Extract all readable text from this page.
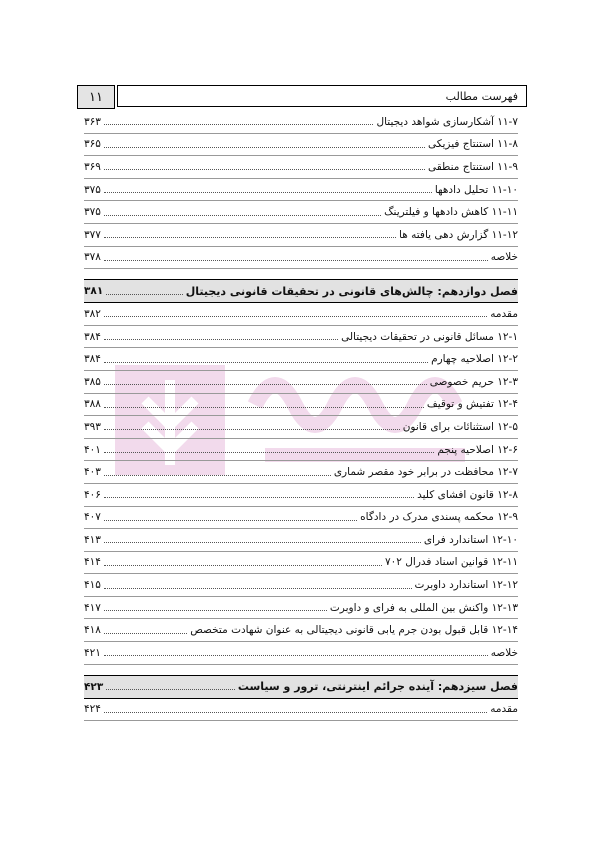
فهرست مطالب
۱۱
۱۱-۷ آشکارسازی شواهد دیجیتال
۳۶۳
۱۱-۸ استنتاج فیزیکی
۳۶۵
۱۱-۹ استنتاج منطقی
۳۶۹
۱۱-۱۰ تحلیل دادهها
۳۷۵
۱۱-۱۱ کاهش دادهها و فیلترینگ
۳۷۵
۱۱-۱۲ گزارش دهی یافته ها
۳۷۷
خلاصه
۳۷۸
فصل دوازدهم: چالش‌های قانونی در تحقیقات قانونی دیجیتال
۳۸۱
مقدمه
۳۸۲
۱۲-۱ مسائل قانونی در تحقیقات دیجیتالی
۳۸۴
۱۲-۲ اصلاحیه چهارم
۳۸۴
۱۲-۳ حریم خصوصی
۳۸۵
۱۲-۴ تفتیش و توقیف
۳۸۸
۱۲-۵ استثنائات برای قانون
۳۹۳
۱۲-۶ اصلاحیه پنجم
۴۰۱
۱۲-۷ محافظت در برابر خود مقصر شماری
۴۰۳
۱۲-۸ قانون افشای کلید
۴۰۶
۱۲-۹ محکمه پسندی مدرک در دادگاه
۴۰۷
۱۲-۱۰ استاندارد فرای
۴۱۳
۱۲-۱۱ قوانین اسناد فدرال ۷۰۲
۴۱۴
۱۲-۱۲ استاندارد داوبرت
۴۱۵
۱۲-۱۳ واکنش بین المللی به فرای و داوبرت
۴۱۷
۱۲-۱۴ قابل قبول بودن جرم یابی قانونی دیجیتالی به عنوان شهادت متخصص
۴۱۸
خلاصه
۴۲۱
فصل سیزدهم: آینده جرائم اینترنتی، ترور و سیاست
۴۲۳
مقدمه
۴۲۴
